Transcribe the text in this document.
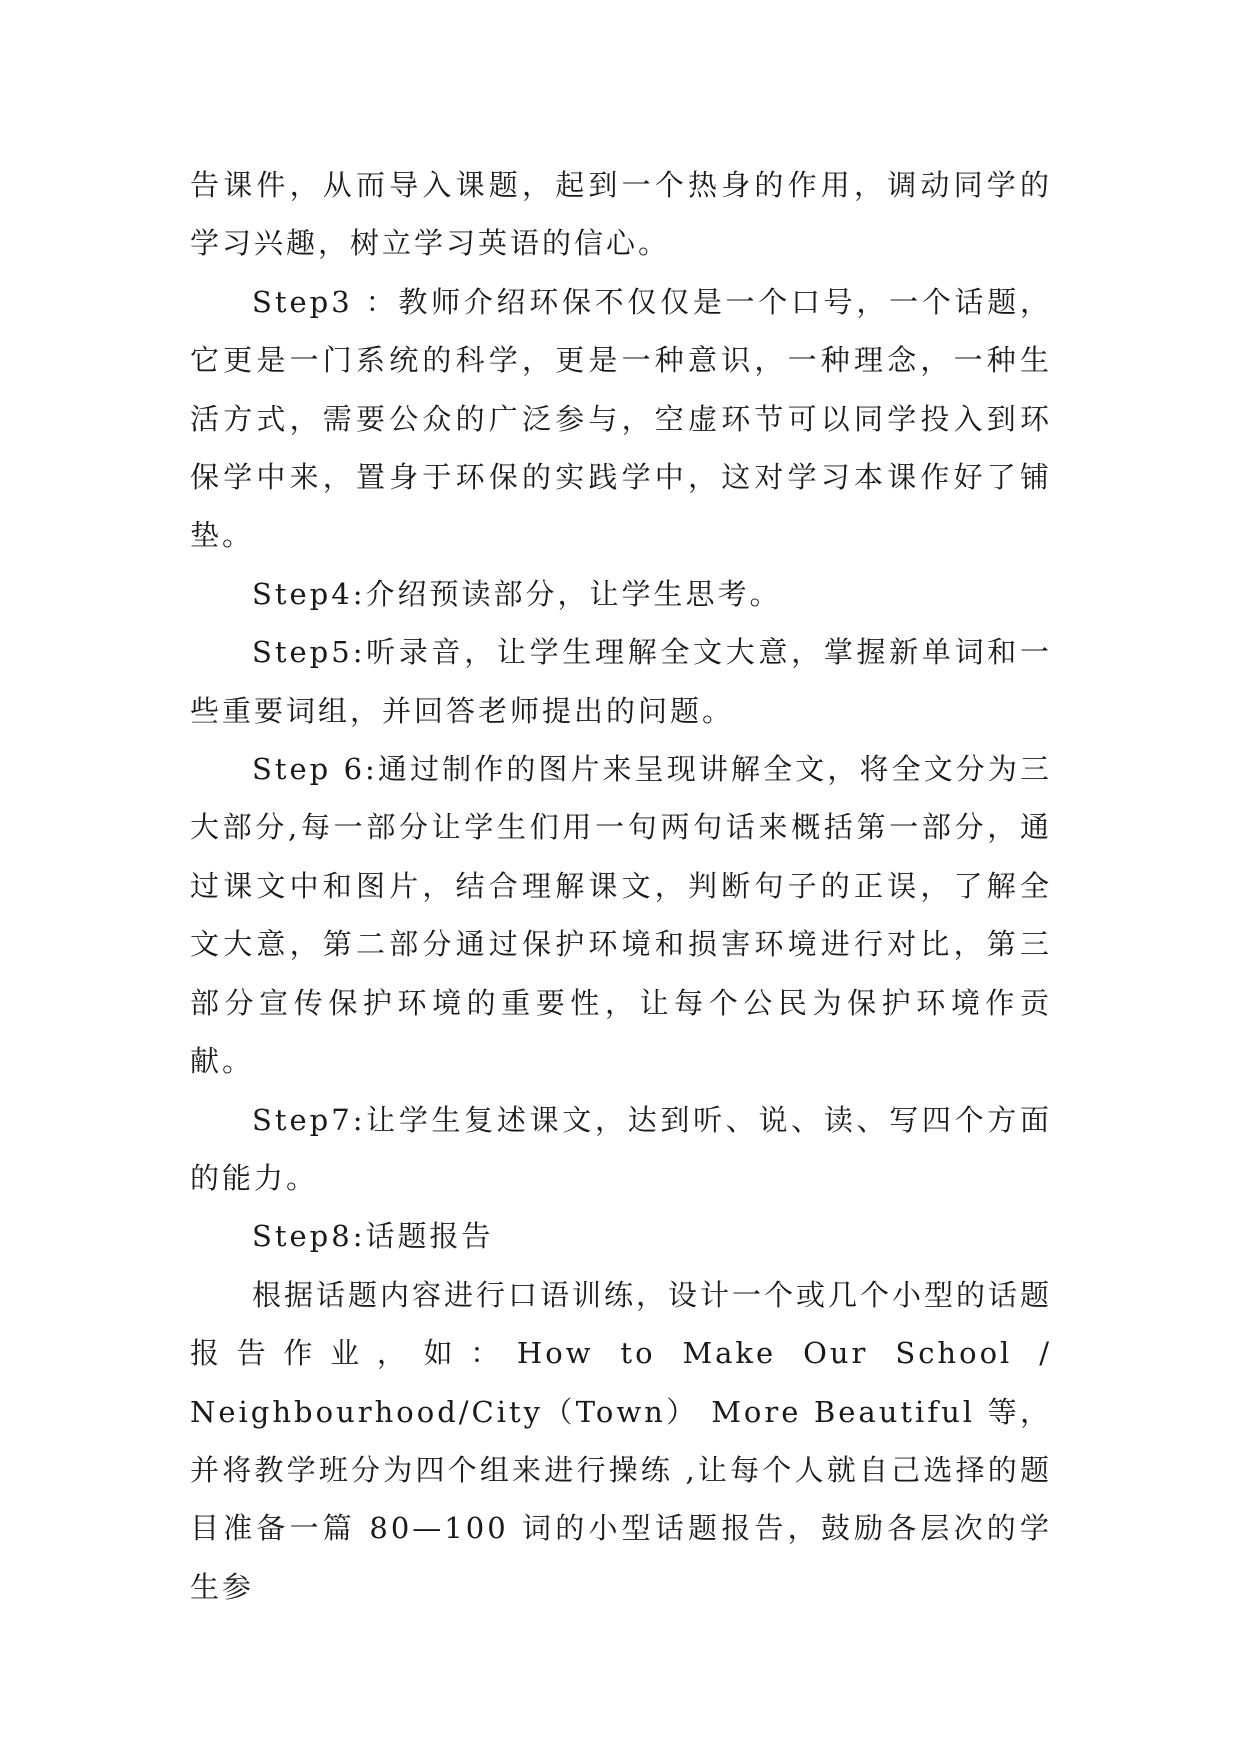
告课件，从而导入课题，起到一个热身的作用，调动同学的学习兴趣，树立学习英语的信心。

Step3 ：教师介绍环保不仅仅是一个口号，一个话题，它更是一门系统的科学，更是一种意识，一种理念，一种生活方式，需要公众的广泛参与，空虚环节可以同学投入到环保学中来，置身于环保的实践学中，这对学习本课作好了铺垫。

Step4:介绍预读部分，让学生思考。

Step5:听录音，让学生理解全文大意，掌握新单词和一些重要词组，并回答老师提出的问题。

Step 6:通过制作的图片来呈现讲解全文，将全文分为三大部分,每一部分让学生们用一句两句话来概括第一部分，通过课文中和图片，结合理解课文，判断句子的正误，了解全文大意，第二部分通过保护环境和损害环境进行对比，第三部分宣传保护环境的重要性，让每个公民为保护环境作贡献。

Step7:让学生复述课文，达到听、说、读、写四个方面的能力。

Step8:话题报告

根据话题内容进行口语训练，设计一个或几个小型的话题报告作业，如：How to Make Our School / Neighbourhood/City（Town） More Beautiful 等，并将教学班分为四个组来进行操练 ,让每个人就自己选择的题目准备一篇 80—100 词的小型话题报告，鼓励各层次的学生参
